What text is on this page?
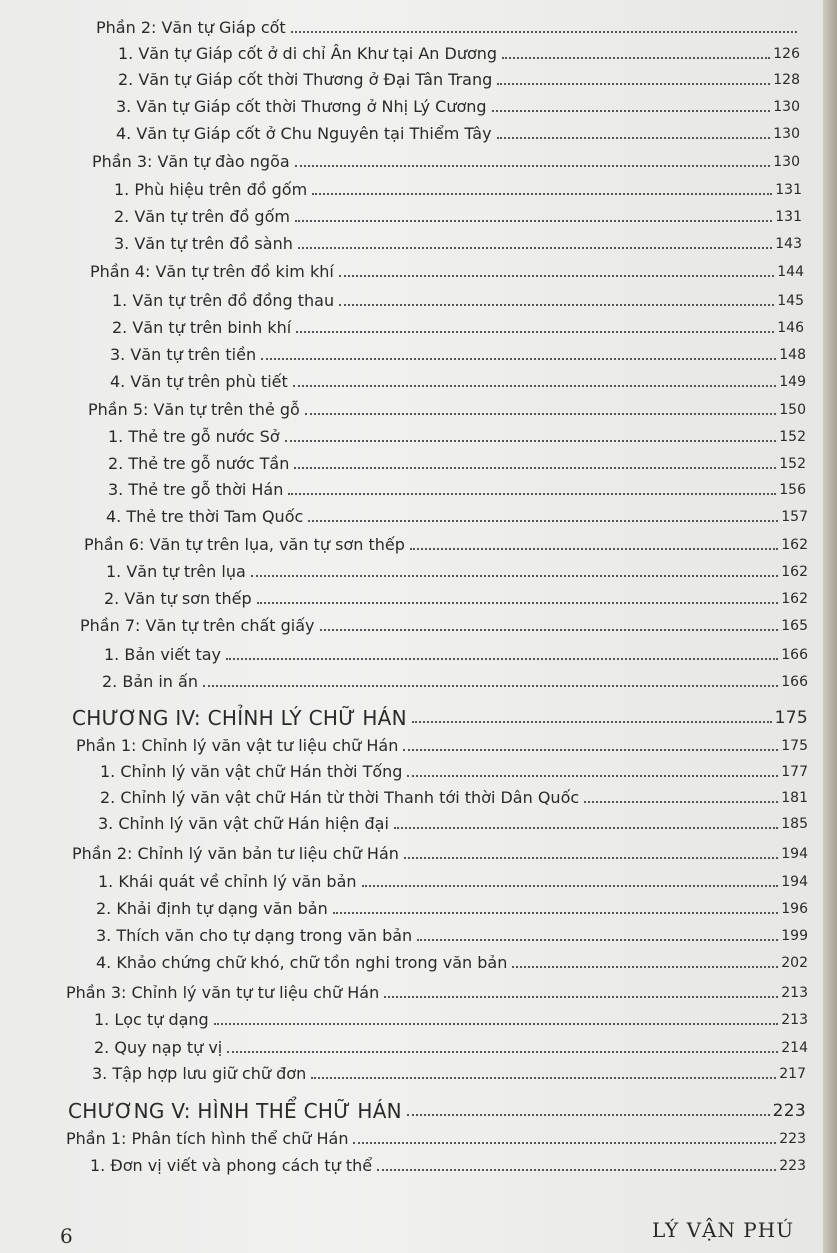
Phần 2: Văn tự Giáp cốt
1. Văn tự Giáp cốt ở di chỉ Ân Khư tại An Dương	126
2. Văn tự Giáp cốt thời Thương ở Đại Tân Trang	128
3. Văn tự Giáp cốt thời Thương ở Nhị Lý Cương	130
4. Văn tự Giáp cốt ở Chu Nguyên tại Thiểm Tây	130
Phần 3: Văn tự đào ngõa	130
1. Phù hiệu trên đồ gốm	131
2. Văn tự trên đồ gốm	131
3. Văn tự trên đồ sành	143
Phần 4: Văn tự trên đồ kim khí	144
1. Văn tự trên đồ đồng thau	145
2. Văn tự trên binh khí	146
3. Văn tự trên tiền	148
4. Văn tự trên phù tiết	149
Phần 5: Văn tự trên thẻ gỗ	150
1. Thẻ tre gỗ nước Sở	152
2. Thẻ tre gỗ nước Tần	152
3. Thẻ tre gỗ thời Hán	156
4. Thẻ tre thời Tam Quốc	157
Phần 6: Văn tự trên lụa, văn tự sơn thếp	162
1. Văn tự trên lụa	162
2. Văn tự sơn thếp	162
Phần 7: Văn tự trên chất giấy	165
1. Bản viết tay	166
2. Bản in ấn	166
CHƯƠNG IV: CHỈNH LÝ CHỮ HÁN	175
Phần 1: Chỉnh lý văn vật tư liệu chữ Hán	175
1. Chỉnh lý văn vật chữ Hán thời Tống	177
2. Chỉnh lý văn vật chữ Hán từ thời Thanh tới thời Dân Quốc	181
3. Chỉnh lý văn vật chữ Hán hiện đại	185
Phần 2: Chỉnh lý văn bản tư liệu chữ Hán	194
1. Khái quát về chỉnh lý văn bản	194
2. Khải định tự dạng văn bản	196
3. Thích văn cho tự dạng trong văn bản	199
4. Khảo chứng chữ khó, chữ tồn nghi trong văn bản	202
Phần 3: Chỉnh lý văn tự tư liệu chữ Hán	213
1. Lọc tự dạng	213
2. Quy nạp tự vị	214
3. Tập hợp lưu giữ chữ đơn	217
CHƯƠNG V: HÌNH THỂ CHỮ HÁN	223
Phần 1: Phân tích hình thể chữ Hán	223
1. Đơn vị viết và phong cách tự thể	223
6	LÝ VẬN PHÚ
